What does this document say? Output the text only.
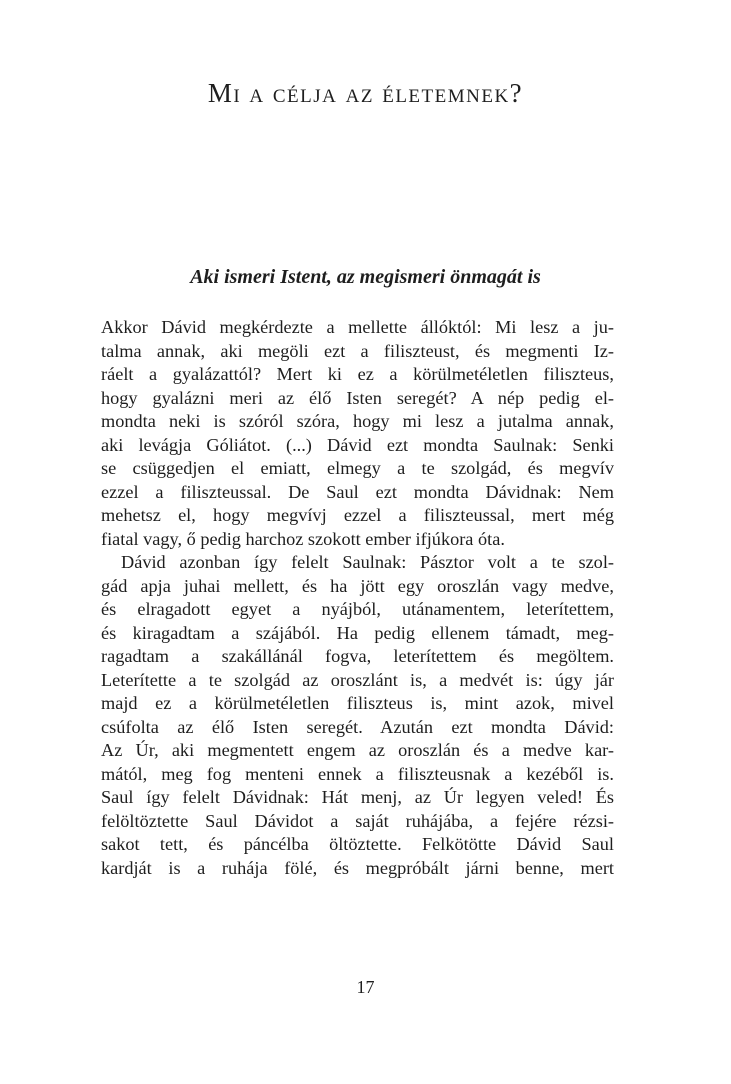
Mi a célja az életemnek?
Aki ismeri Istent, az megismeri önmagát is
Akkor Dávid megkérdezte a mellette állóktól: Mi lesz a ju-
talma annak, aki megöli ezt a filiszteust, és megmenti Iz-
ráelt a gyalázattól? Mert ki ez a körülmetéletlen filiszteus,
hogy gyalázni meri az élő Isten seregét? A nép pedig el-
mondta neki is szóról szóra, hogy mi lesz a jutalma annak,
aki levágja Góliátot. (...) Dávid ezt mondta Saulnak: Senki
se csüggedjen el emiatt, elmegy a te szolgád, és megvív
ezzel a filiszteussal. De Saul ezt mondta Dávidnak: Nem
mehetsz el, hogy megvívj ezzel a filiszteussal, mert még
fiatal vagy, ő pedig harchoz szokott ember ifjúkora óta.
Dávid azonban így felelt Saulnak: Pásztor volt a te szol-
gád apja juhai mellett, és ha jött egy oroszlán vagy medve,
és elragadott egyet a nyájból, utánamentem, leterítettem,
és kiragadtam a szájából. Ha pedig ellenem támadt, meg-
ragadtam a szakállánál fogva, leterítettem és megöltem.
Leterítette a te szolgád az oroszlánt is, a medvét is: úgy jár
majd ez a körülmetéletlen filiszteus is, mint azok, mivel
csúfolta az élő Isten seregét. Azután ezt mondta Dávid:
Az Úr, aki megmentett engem az oroszlán és a medve kar-
mától, meg fog menteni ennek a filiszteusnak a kezéből is.
Saul így felelt Dávidnak: Hát menj, az Úr legyen veled! És
felöltöztette Saul Dávidot a saját ruhájába, a fejére rézsi-
sakot tett, és páncélba öltöztette. Felkötötte Dávid Saul
kardját is a ruhája fölé, és megpróbált járni benne, mert
17
